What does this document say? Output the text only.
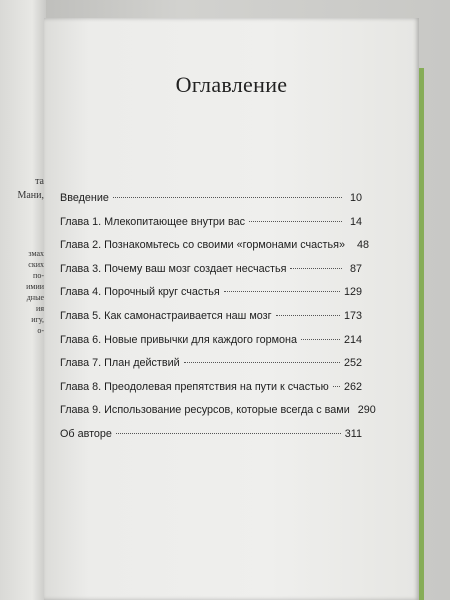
та
Мани,
змах
ских
по-
имии
дные
ия
игу,
о-
Оглавление
Введение	10
Глава 1. Млекопитающее внутри вас	14
Глава 2. Познакомьтесь со своими «гормонами счастья»	48
Глава 3. Почему ваш мозг создает несчастья	87
Глава 4. Порочный круг счастья	129
Глава 5. Как самонастраивается наш мозг	173
Глава 6. Новые привычки для каждого гормона	214
Глава 7. План действий	252
Глава 8. Преодолевая препятствия на пути к счастью 262
Глава 9. Использование ресурсов, которые всегда с вами 290
Об авторе	311
